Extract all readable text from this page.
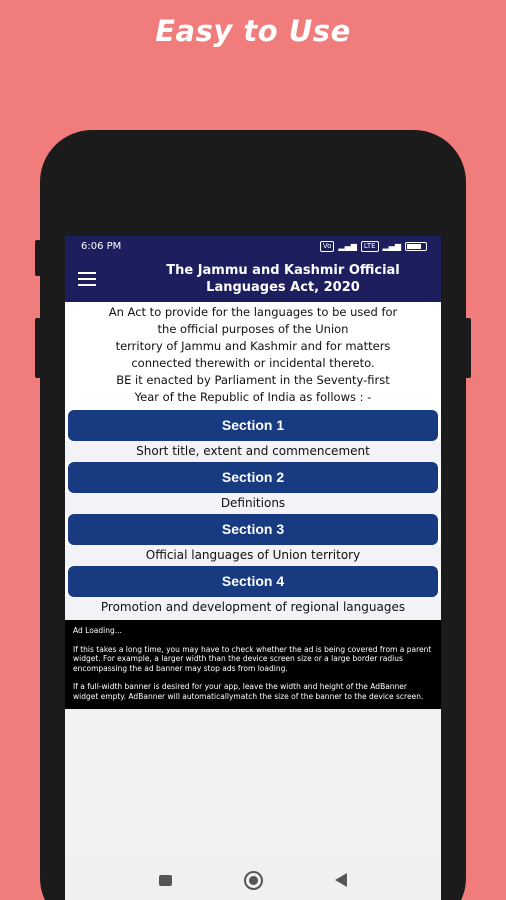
Easy to Use
6:06 PM	Vo ▂▄▆	LTE ▂▄▆
The Jammu and Kashmir Official
Languages Act, 2020
An Act to provide for the languages to be used for
the official purposes of the Union
territory of Jammu and Kashmir and for matters
connected therewith or incidental thereto.
BE it enacted by Parliament in the Seventy-first
Year of the Republic of India as follows : -
Section 1
Short title, extent and commencement
Section 2
Definitions
Section 3
Official languages of Union territory
Section 4
Promotion and development of regional languages

Ad Loading...

If this takes a long time, you may have to check whether the ad is being covered from a parent widget. For example, a larger width than the device screen size or a large border radius encompassing the ad banner may stop ads from loading.

If a full-width banner is desired for your app, leave the width and height of the AdBanner widget empty. AdBanner will automaticallymatch the size of the banner to the device screen.
